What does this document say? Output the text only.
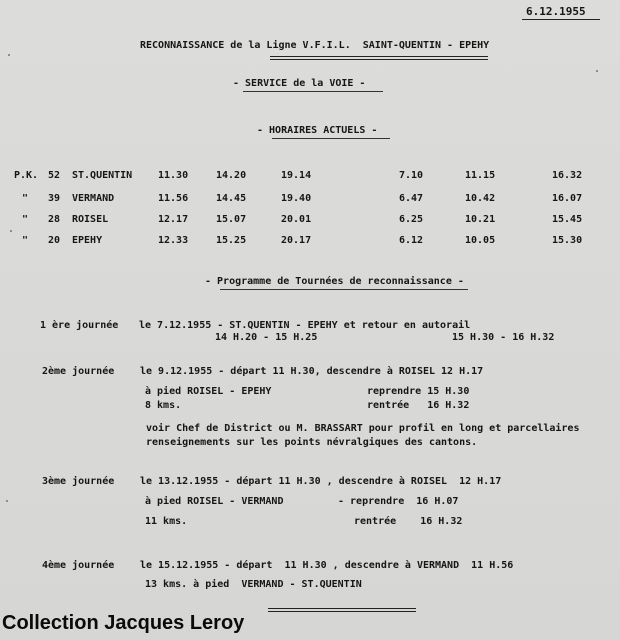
6.12.1955
RECONNAISSANCE de la Ligne V.F.I.L.  SAINT-QUENTIN - EPEHY
- SERVICE de la VOIE -
- HORAIRES ACTUELS -
P.K. 52 ST.QUENTIN	11.30	14.20	19.14	7.10	11.15	16.32
" 39 VERMAND	11.56	14.45	19.40	6.47	10.42	16.07
" 28 ROISEL	12.17	15.07	20.01	6.25	10.21	15.45
" 20 EPEHY	12.33	15.25	20.17	6.12	10.05	15.30
- Programme de Tournées de reconnaissance -
1 ère journée le 7.12.1955 - ST.QUENTIN - EPEHY et retour en autorail
14 H.20 - 15 H.25	15 H.30 - 16 H.32
2ème journée	le 9.12.1955 - départ 11 H.30, descendre à ROISEL 12 H.17
à pied ROISEL - EPEHY	reprendre 15 H.30
8 kms.	rentrée   16 H.32
voir Chef de District ou M. BRASSART pour profil en long et parcellaires
renseignements sur les points névralgiques des cantons.
3ème journée	le 13.12.1955 - départ 11 H.30 , descendre à ROISEL  12 H.17
à pied ROISEL - VERMAND	- reprendre  16 H.07
11 kms.	rentrée    16 H.32
4ème journée	le 15.12.1955 - départ  11 H.30 , descendre à VERMAND  11 H.56
13 kms. à pied  VERMAND - ST.QUENTIN
Collection Jacques Leroy
